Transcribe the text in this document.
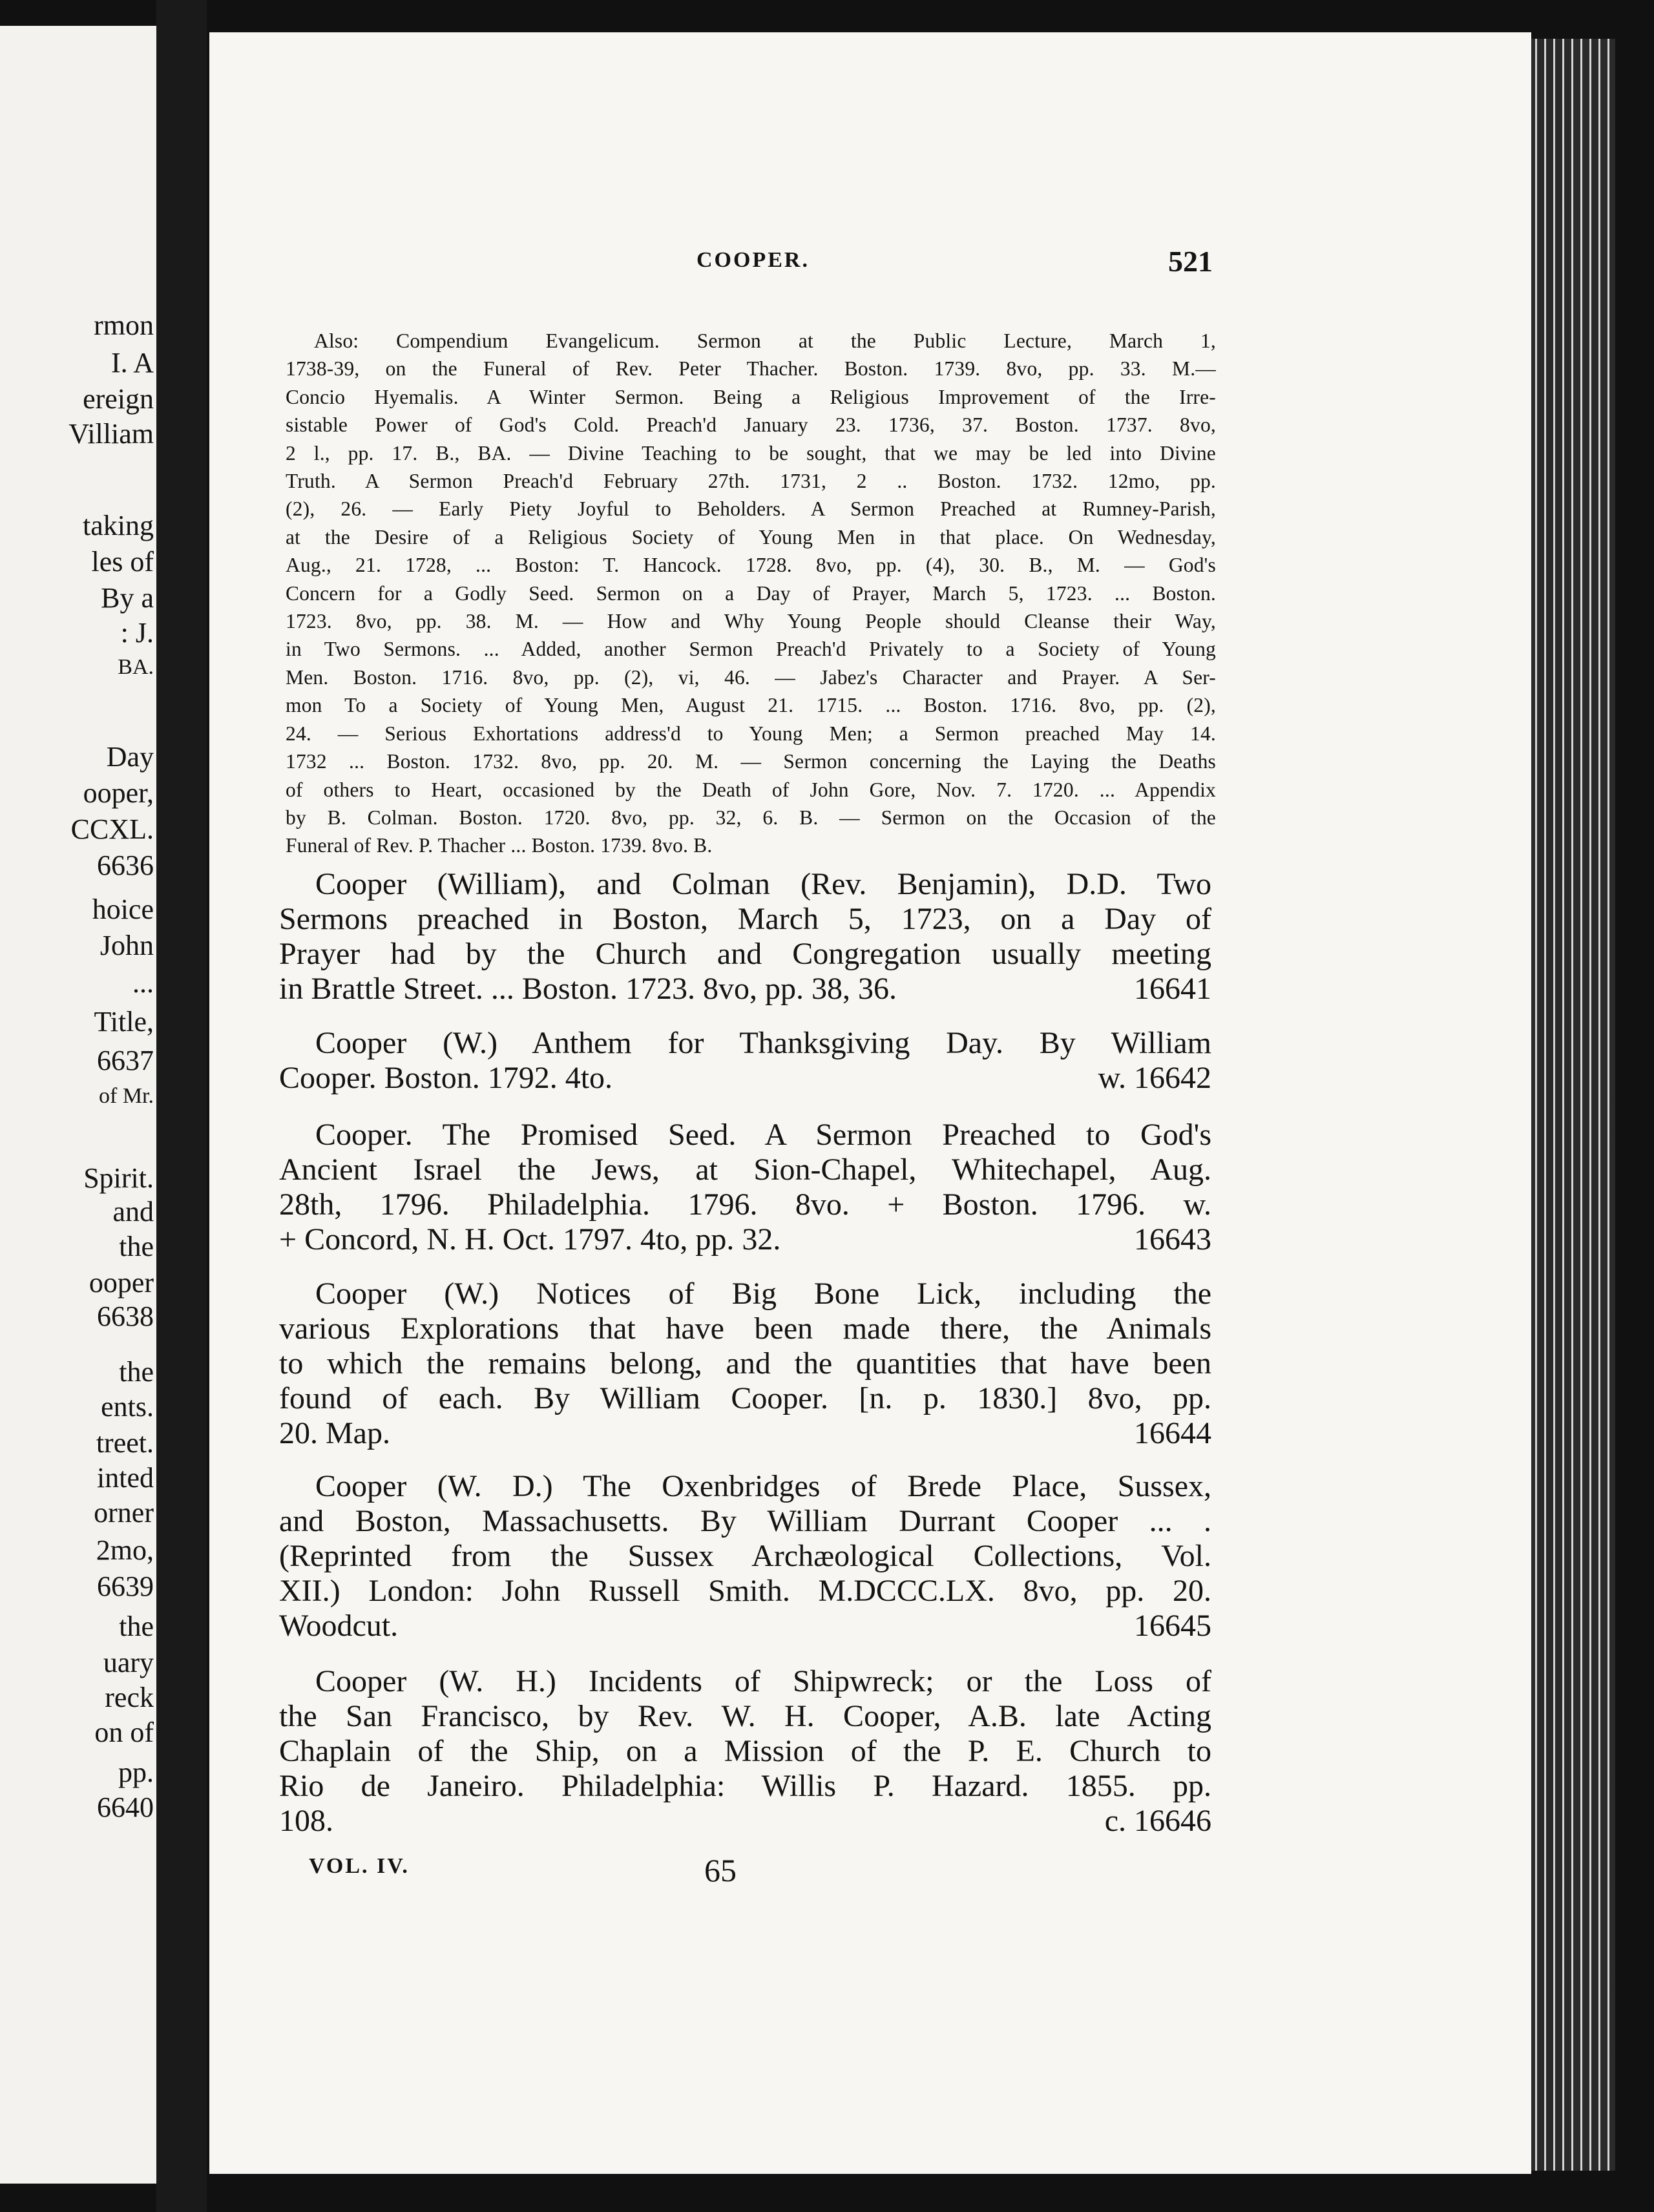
rmon
I. A
ereign
Villiam
taking
les of
By a
: J.
BA.
Day
ooper,
CCXL.
6636
hoice
John
...
Title,
6637
of Mr.
Spirit.
and
the
ooper
6638
the
ents.
treet.
inted
orner
2mo,
6639
the
uary
reck
on of
pp.
6640
COOPER.	521
Also: Compendium Evangelicum. Sermon at the Public Lecture, March 1,
1738-39, on the Funeral of Rev. Peter Thacher. Boston. 1739. 8vo, pp. 33. M.—
Concio Hyemalis. A Winter Sermon. Being a Religious Improvement of the Irre-
sistable Power of God's Cold. Preach'd January 23. 1736, 37. Boston. 1737. 8vo,
2 l., pp. 17. B., BA. — Divine Teaching to be sought, that we may be led into Divine
Truth. A Sermon Preach'd February 27th. 1731, 2 .. Boston. 1732. 12mo, pp.
(2), 26. — Early Piety Joyful to Beholders. A Sermon Preached at Rumney-Parish,
at the Desire of a Religious Society of Young Men in that place. On Wednesday,
Aug., 21. 1728, ... Boston: T. Hancock. 1728. 8vo, pp. (4), 30. B., M. — God's
Concern for a Godly Seed. Sermon on a Day of Prayer, March 5, 1723. ... Boston.
1723. 8vo, pp. 38. M. — How and Why Young People should Cleanse their Way,
in Two Sermons. ... Added, another Sermon Preach'd Privately to a Society of Young
Men. Boston. 1716. 8vo, pp. (2), vi, 46. — Jabez's Character and Prayer. A Ser-
mon To a Society of Young Men, August 21. 1715. ... Boston. 1716. 8vo, pp. (2),
24. — Serious Exhortations address'd to Young Men; a Sermon preached May 14.
1732 ... Boston. 1732. 8vo, pp. 20. M. — Sermon concerning the Laying the Deaths
of others to Heart, occasioned by the Death of John Gore, Nov. 7. 1720. ... Appendix
by B. Colman. Boston. 1720. 8vo, pp. 32, 6. B. — Sermon on the Occasion of the
Funeral of Rev. P. Thacher ... Boston. 1739. 8vo. B.
Cooper (William), and Colman (Rev. Benjamin), D.D. Two
Sermons preached in Boston, March 5, 1723, on a Day of
Prayer had by the Church and Congregation usually meeting
in Brattle Street. ... Boston. 1723. 8vo, pp. 38, 36.	16641
Cooper (W.) Anthem for Thanksgiving Day. By William
Cooper. Boston. 1792. 4to.	w. 16642
Cooper. The Promised Seed. A Sermon Preached to God's
Ancient Israel the Jews, at Sion-Chapel, Whitechapel, Aug.
28th, 1796. Philadelphia. 1796. 8vo. + Boston. 1796. w.
+ Concord, N. H. Oct. 1797. 4to, pp. 32.	16643
Cooper (W.) Notices of Big Bone Lick, including the
various Explorations that have been made there, the Animals
to which the remains belong, and the quantities that have been
found of each. By William Cooper. [n. p. 1830.] 8vo, pp.
20. Map.	16644
Cooper (W. D.) The Oxenbridges of Brede Place, Sussex,
and Boston, Massachusetts. By William Durrant Cooper ... .
(Reprinted from the Sussex Archæological Collections, Vol.
XII.) London: John Russell Smith. M.DCCC.LX. 8vo, pp. 20.
Woodcut.	16645
Cooper (W. H.) Incidents of Shipwreck; or the Loss of
the San Francisco, by Rev. W. H. Cooper, A.B. late Acting
Chaplain of the Ship, on a Mission of the P. E. Church to
Rio de Janeiro. Philadelphia: Willis P. Hazard. 1855. pp.
108.	c. 16646
VOL. IV.	65
